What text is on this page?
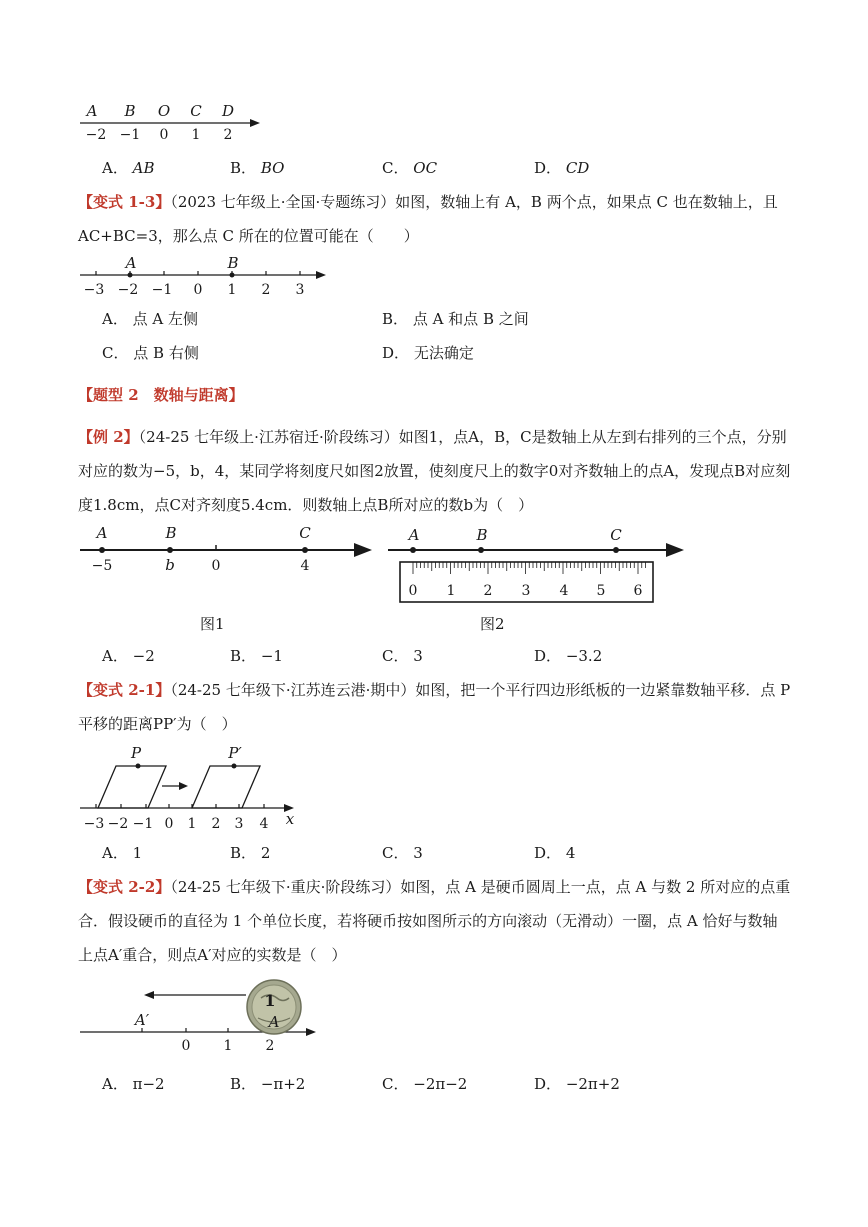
A B O C D
−2 −1 0 1 2
A． AB	B． BO	C． OC	D． CD
【变式 1-3】（2023 七年级上·全国·专题练习）如图，数轴上有 A，B 两个点，如果点 C 也在数轴上，且
AC+BC=3，那么点 C 所在的位置可能在（　　）
A	B
−3 −2 −1 0 1 2 3
A． 点 A 左侧	B． 点 A 和点 B 之间
C． 点 B 右侧	D． 无法确定
【题型 2　数轴与距离】
【例 2】（24-25 七年级上·江苏宿迁·阶段练习）如图1，点A，B，C是数轴上从左到右排列的三个点，分别
对应的数为−5，b，4，某同学将刻度尺如图2放置，使刻度尺上的数字0对齐数轴上的点A，发现点B对应刻
度1.8cm，点C对齐刻度5.4cm．则数轴上点B所对应的数b为（　）
A	B	C
−5	b	0	4
图1
A	B	C
0 1 2 3 4 5 6
图2
A． −2	B． −1	C． 3	D． −3.2
【变式 2-1】（24-25 七年级下·江苏连云港·期中）如图，把一个平行四边形纸板的一边紧靠数轴平移．点 P
平移的距离PP′为（　）
P	P′
−3 −2 −1 0 1 2 3 4 x
A． 1	B． 2	C． 3	D． 4
【变式 2-2】（24-25 七年级下·重庆·阶段练习）如图，点 A 是硬币圆周上一点，点 A 与数 2 所对应的点重
合．假设硬币的直径为 1 个单位长度，若将硬币按如图所示的方向滚动（无滑动）一圈，点 A 恰好与数轴
上点A′重合，则点A′对应的实数是（　）
1
A′	A
0 1 2
A． π−2	B． −π+2	C． −2π−2	D． −2π+2
